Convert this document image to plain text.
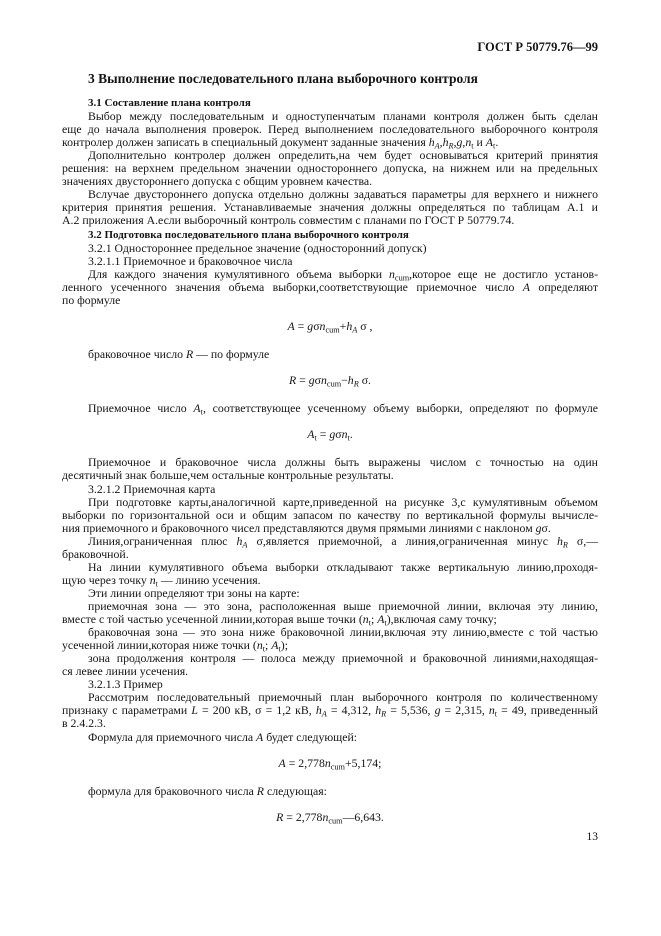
ГОСТ Р 50779.76—99
3 Выполнение последовательного плана выборочного контроля
3.1 Составление плана контроля
Выбор между последовательным и одноступенчатым планами контроля должен быть сделан
еще до начала выполнения проверок. Перед выполнением последовательного выборочного контроля
контролер должен записать в специальный документ заданные значения $h_A,h_R,g,n_t$ и $A_t$.
Дополнительно контролер должен определить,на чем будет основываться критерий принятия
решения: на верхнем предельном значении одностороннего допуска, на нижнем или на предельных
значениях двустороннего допуска с общим уровнем качества.
Вслучае двустороннего допуска отдельно должны задаваться параметры для верхнего и нижнего
критерия принятия решения. Устанавливаемые значения должны определяться по таблицам А.1 и
А.2 приложения А.если выборочный контроль совместим с планами по ГОСТ Р 50779.74.
3.2 Подготовка последовательного плана выборочного контроля
3.2.1 Одностороннее предельное значение (односторонний допуск)
3.2.1.1 Приемочное и браковочное числа
Для каждого значения кумулятивного объема выборки $n_{cum},которое$ еще не достигло установ-
ленного усеченного значения объема выборки,соответствующие приемочное число A определяют
по формуле
$A = g\sigma n_{cum}+h_A$ σ ,
браковочное число R — по формуле
$R = g\sigma n_{cum}-h_R$ σ.
Приемочное число $A_t$, соответствующее усеченному объему выборки, определяют по формуле
$A_t = g\sigma n_t$.
Приемочное и браковочное числа должны быть выражены числом с точностью на один
десятичный знак больше,чем остальные контрольные результаты.
3.2.1.2 Приемочная карта
При подготовке карты,аналогичной карте,приведенной на рисунке 3,с кумулятивным объемом
выборки по горизонтальной оси и общим запасом по качеству по вертикальной формулы вычисле-
ния приемочного и браковочного чисел представляются двумя прямыми линиями с наклоном gσ.
Линия,ограниченная плюс $h_A$ σ,является приемочной, а линия,ограниченная минус $h_R$ σ,—
браковочной.
На линии кумулятивного объема выборки откладывают также вертикальную линию,проходя-
щую через точку $n_t$ — линию усечения.
Эти линии определяют три зоны на карте:
приемочная зона — это зона, расположенная выше приемочной линии, включая эту линию,
вместе с той частью усеченной линии,которая выше точки ($n_t$; $A_t),включая$ саму точку;
браковочная зона — это зона ниже браковочной линии,включая эту линию,вместе с той частью
усеченной линии,которая ниже точки ($n_t$; $A_t$);
зона продолжения контроля — полоса между приемочной и браковочной линиями,находящая-
ся левее линии усечения.
3.2.1.3 Пример
Рассмотрим последовательный приемочный план выборочного контроля по количественному
признаку с параметрами L = 200 кВ, σ = 1,2 кВ, $h_A = 4,312$, $h_R = 5,536$, g = 2,315, $n_t = 49$, приведенный
в 2.4.2.3.
Формула для приемочного числа A будет следующей:
$A = 2,778n_{cum}+5,174$;
формула для браковочного числа R следующая:
$R = 2,778n_{cum}—6,643$.
13
